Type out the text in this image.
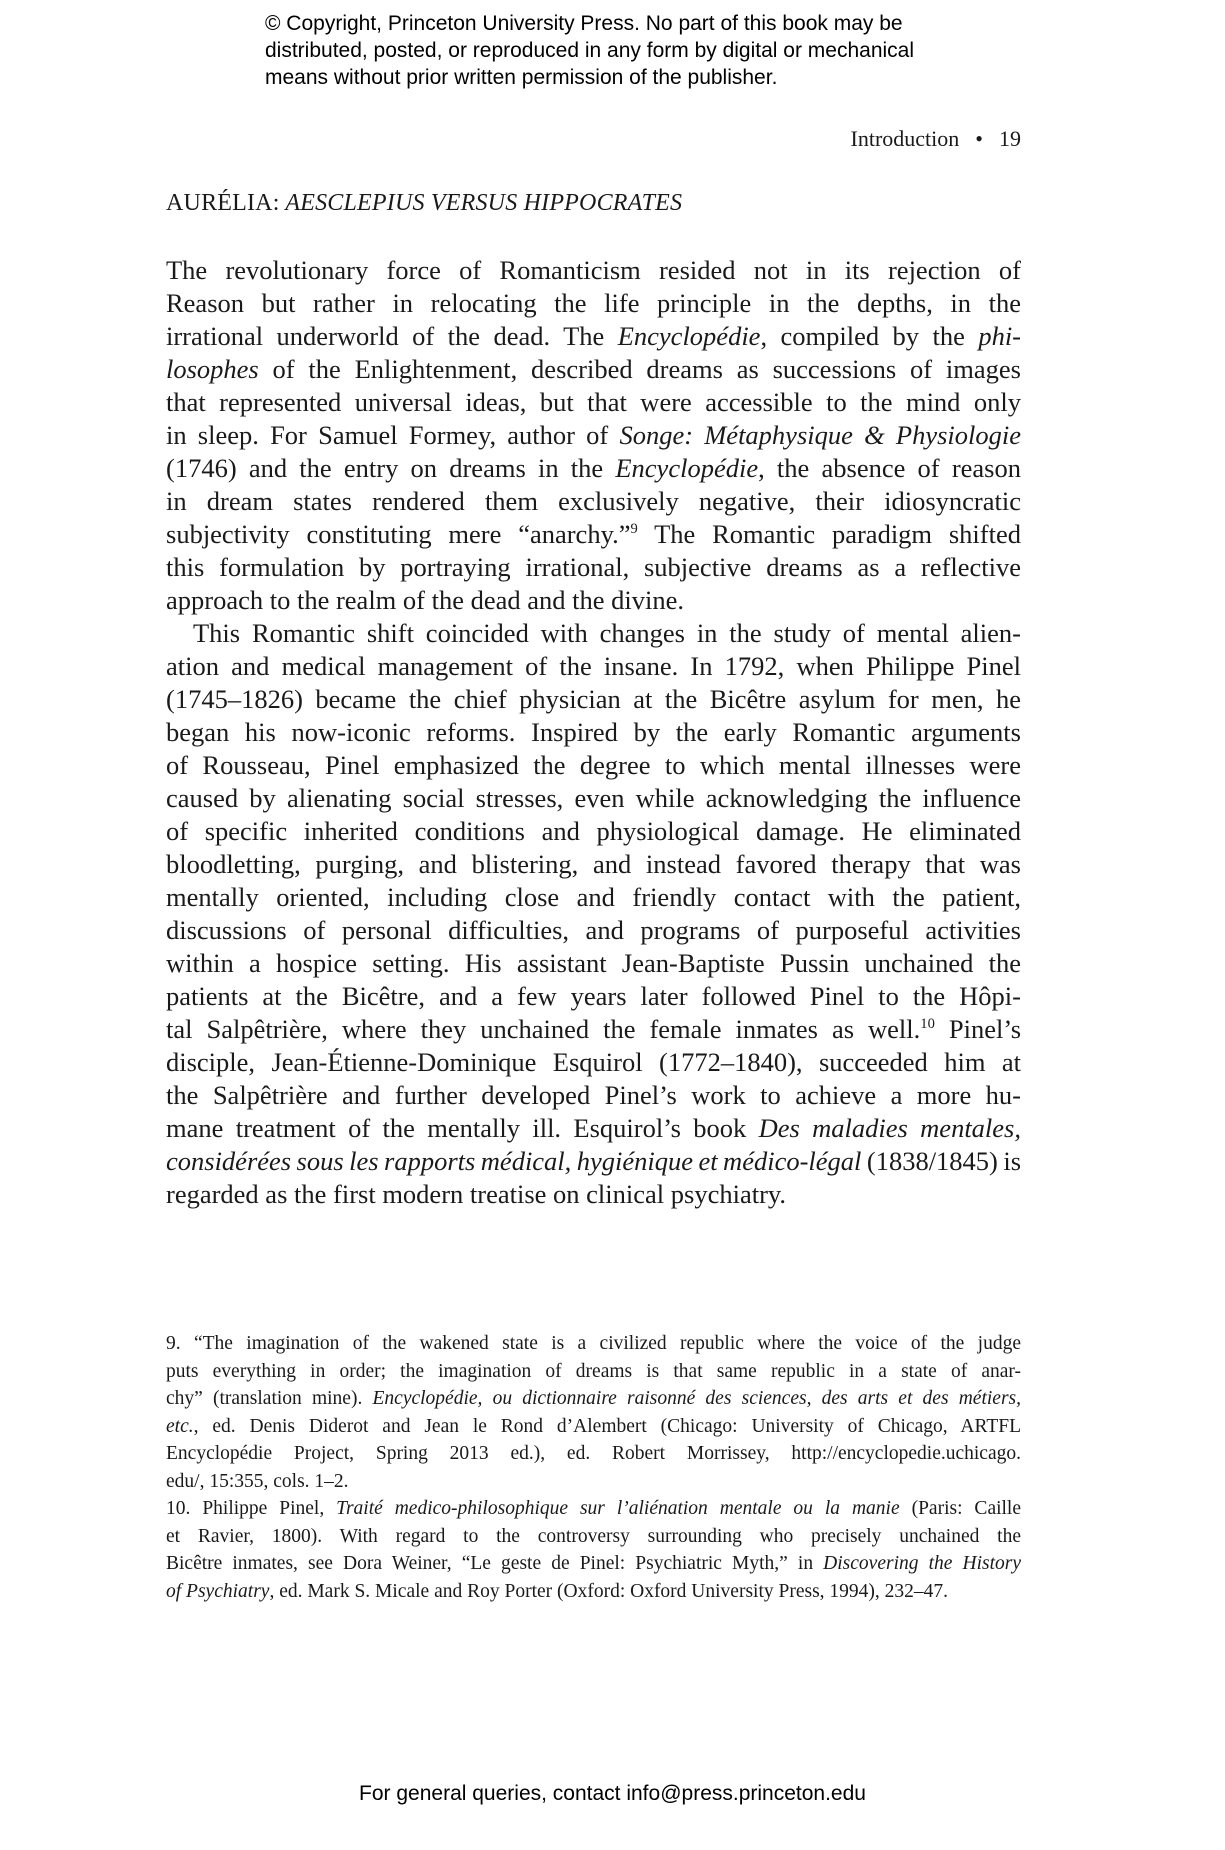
© Copyright, Princeton University Press. No part of this book may be
distributed, posted, or reproduced in any form by digital or mechanical
means without prior written permission of the publisher.
Introduction • 19
AURÉLIA: AESCLEPIUS VERSUS HIPPOCRATES
The revolutionary force of Romanticism resided not in its rejection of
Reason but rather in relocating the life principle in the depths, in the
irrational underworld of the dead. The Encyclopédie, compiled by the phi-
losophes of the Enlightenment, described dreams as successions of images
that represented universal ideas, but that were accessible to the mind only
in sleep. For Samuel Formey, author of Songe: Métaphysique & Physiologie
(1746) and the entry on dreams in the Encyclopédie, the absence of reason
in dream states rendered them exclusively negative, their idiosyncratic
subjectivity constituting mere “anarchy.”$^9$ The Romantic paradigm shifted
this formulation by portraying irrational, subjective dreams as a reflective
approach to the realm of the dead and the divine.
This Romantic shift coincided with changes in the study of mental alien-
ation and medical management of the insane. In 1792, when Philippe Pinel
(1745–1826) became the chief physician at the Bicêtre asylum for men, he
began his now-iconic reforms. Inspired by the early Romantic arguments
of Rousseau, Pinel emphasized the degree to which mental illnesses were
caused by alienating social stresses, even while acknowledging the influence
of specific inherited conditions and physiological damage. He eliminated
bloodletting, purging, and blistering, and instead favored therapy that was
mentally oriented, including close and friendly contact with the patient,
discussions of personal difficulties, and programs of purposeful activities
within a hospice setting. His assistant Jean-Baptiste Pussin unchained the
patients at the Bicêtre, and a few years later followed Pinel to the Hôpi-
tal Salpêtrière, where they unchained the female inmates as well.$^{10}$ Pinel’s
disciple, Jean-Étienne-Dominique Esquirol (1772–1840), succeeded him at
the Salpêtrière and further developed Pinel’s work to achieve a more hu-
mane treatment of the mentally ill. Esquirol’s book Des maladies mentales,
considérées sous les rapports médical, hygiénique et médico-légal (1838/1845) is
regarded as the first modern treatise on clinical psychiatry.
9. “The imagination of the wakened state is a civilized republic where the voice of the judge
puts everything in order; the imagination of dreams is that same republic in a state of anar-
chy” (translation mine). Encyclopédie, ou dictionnaire raisonné des sciences, des arts et des métiers,
etc., ed. Denis Diderot and Jean le Rond d’Alembert (Chicago: University of Chicago, ARTFL
Encyclopédie Project, Spring 2013 ed.), ed. Robert Morrissey, http://encyclopedie.uchicago.
edu/, 15:355, cols. 1–2.
10. Philippe Pinel, Traité medico-philosophique sur l’aliénation mentale ou la manie (Paris: Caille
et Ravier, 1800). With regard to the controversy surrounding who precisely unchained the
Bicêtre inmates, see Dora Weiner, “Le geste de Pinel: Psychiatric Myth,” in Discovering the History
of Psychiatry, ed. Mark S. Micale and Roy Porter (Oxford: Oxford University Press, 1994), 232–47.
For general queries, contact info@press.princeton.edu
